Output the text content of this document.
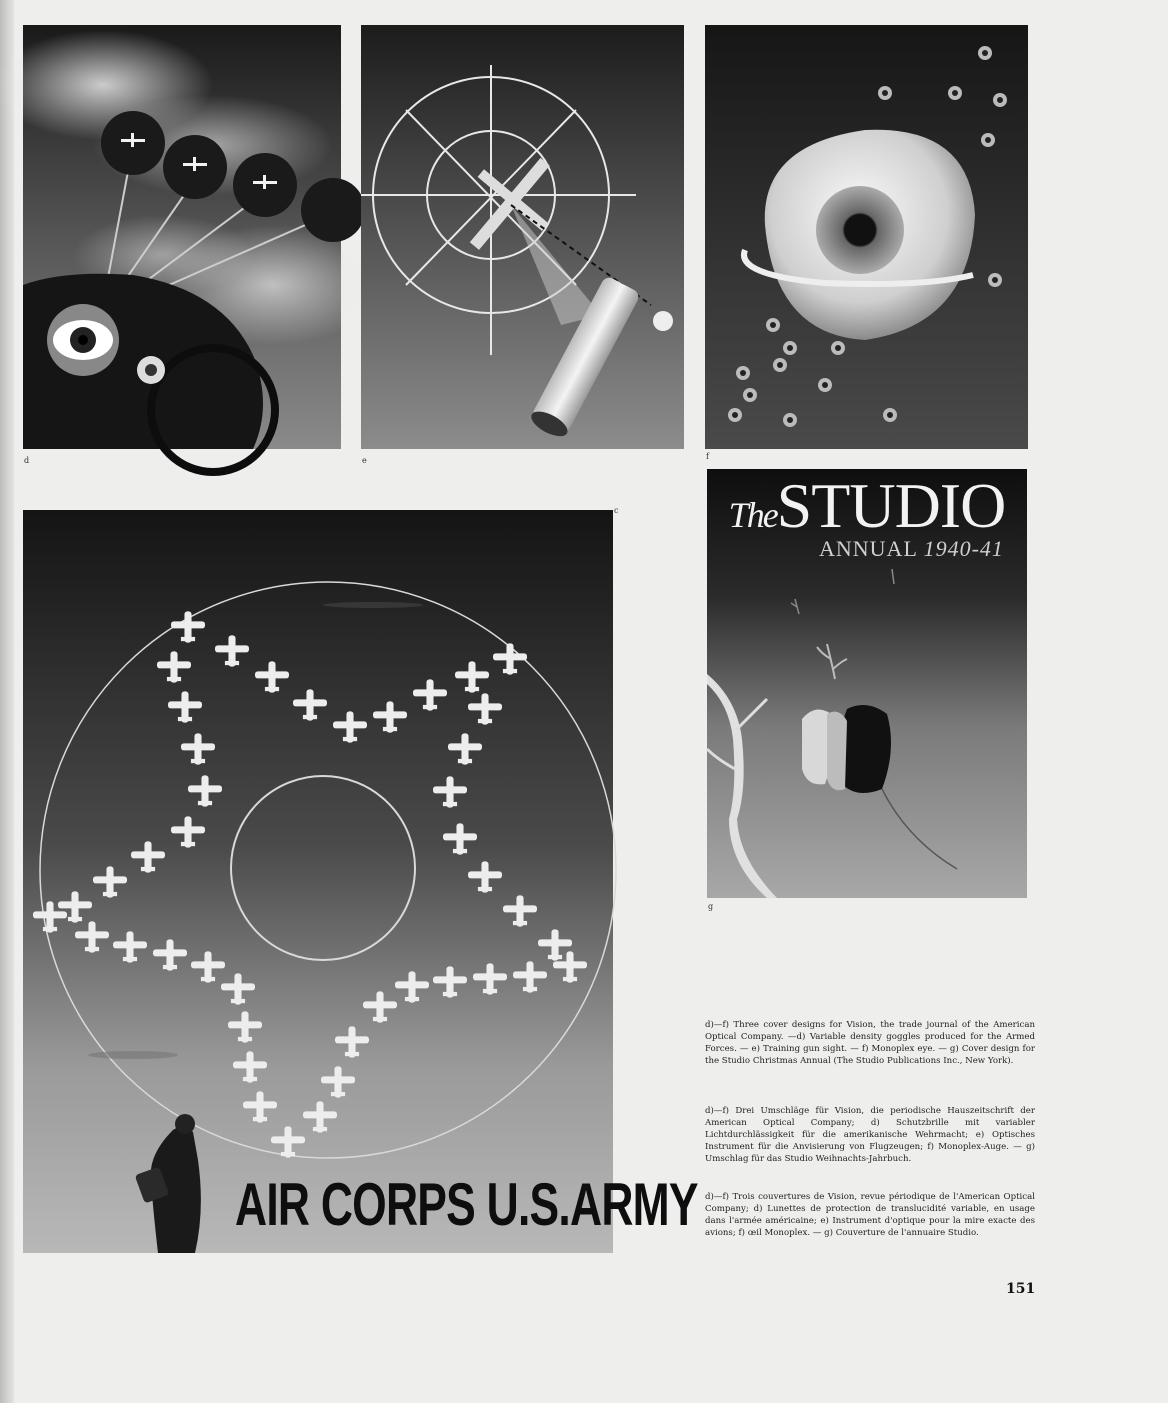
d	e	f
AIR CORPS U.S.ARMY
c	TheSTUDIO
ANNUAL 1940-41
g
d)—f) Three cover designs for Vision, the trade journal of the American Optical Company. —d) Variable density goggles produced for the Armed Forces. — e) Training gun sight. — f) Monoplex eye. — g) Cover design for the Studio Christmas Annual (The Studio Publications Inc., New York).
d)—f) Drei Umschläge für Vision, die periodische Hauszeitschrift der American Optical Company; d) Schutzbrille mit variabler Lichtdurchlässigkeit für die amerikanische Wehrmacht; e) Optisches Instrument für die Anvisierung von Flugzeugen; f) Monoplex-Auge. — g) Umschlag für das Studio Weihnachts-Jahrbuch.
d)—f) Trois couvertures de Vision, revue périodique de l'American Optical Company; d) Lunettes de protection de translucidité variable, en usage dans l'armée américaine; e) Instrument d'optique pour la mire exacte des avions; f) œil Monoplex. — g) Couverture de l'annuaire Studio.
151
